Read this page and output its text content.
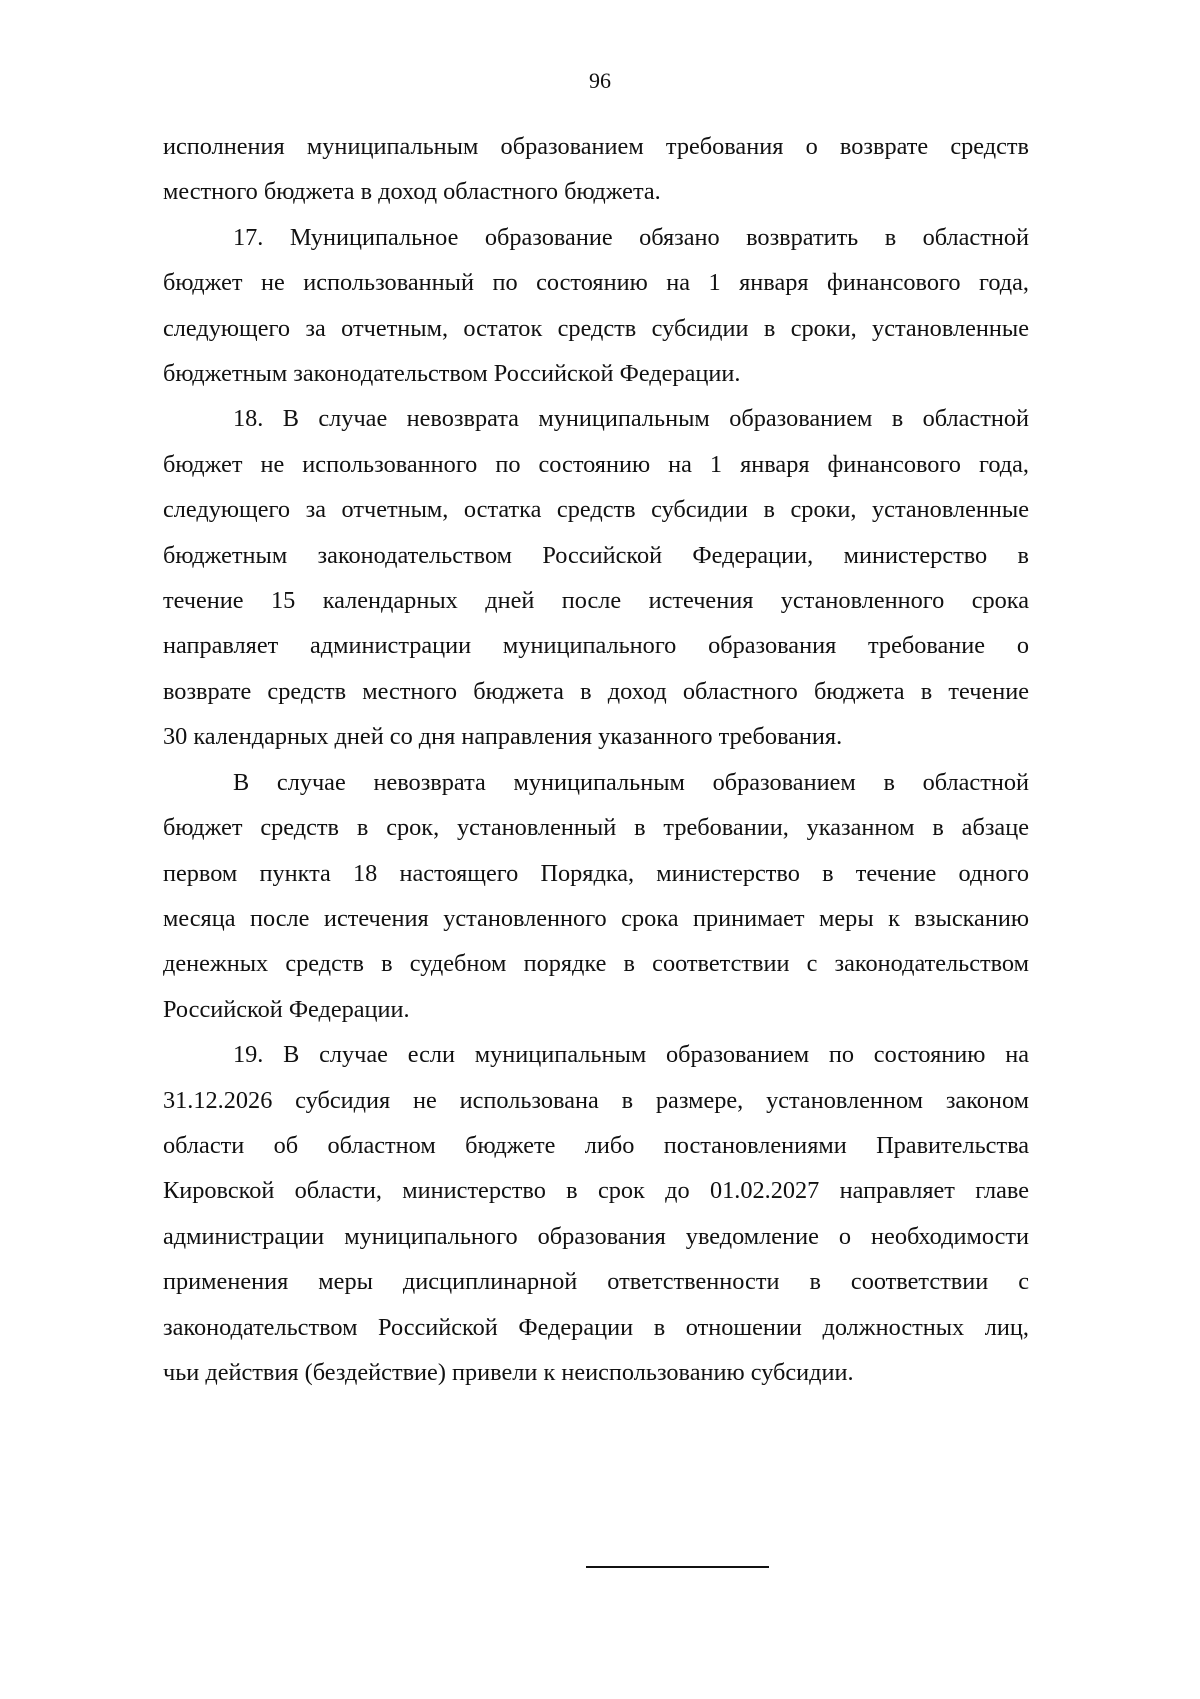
96
исполнения муниципальным образованием требования о возврате средств
местного бюджета в доход областного бюджета.
17. Муниципальное образование обязано возвратить в областной
бюджет не использованный по состоянию на 1 января финансового года,
следующего за отчетным, остаток средств субсидии в сроки, установленные
бюджетным законодательством Российской Федерации.
18. В случае невозврата муниципальным образованием в областной
бюджет не использованного по состоянию на 1 января финансового года,
следующего за отчетным, остатка средств субсидии в сроки, установленные
бюджетным законодательством Российской Федерации, министерство в
течение 15 календарных дней после истечения установленного срока
направляет администрации муниципального образования требование о
возврате средств местного бюджета в доход областного бюджета в течение
30 календарных дней со дня направления указанного требования.
В случае невозврата муниципальным образованием в областной
бюджет средств в срок, установленный в требовании, указанном в абзаце
первом пункта 18 настоящего Порядка, министерство в течение одного
месяца после истечения установленного срока принимает меры к взысканию
денежных средств в судебном порядке в соответствии с законодательством
Российской Федерации.
19. В случае если муниципальным образованием по состоянию на
31.12.2026 субсидия не использована в размере, установленном законом
области об областном бюджете либо постановлениями Правительства
Кировской области, министерство в срок до 01.02.2027 направляет главе
администрации муниципального образования уведомление о необходимости
применения меры дисциплинарной ответственности в соответствии с
законодательством Российской Федерации в отношении должностных лиц,
чьи действия (бездействие) привели к неиспользованию субсидии.
